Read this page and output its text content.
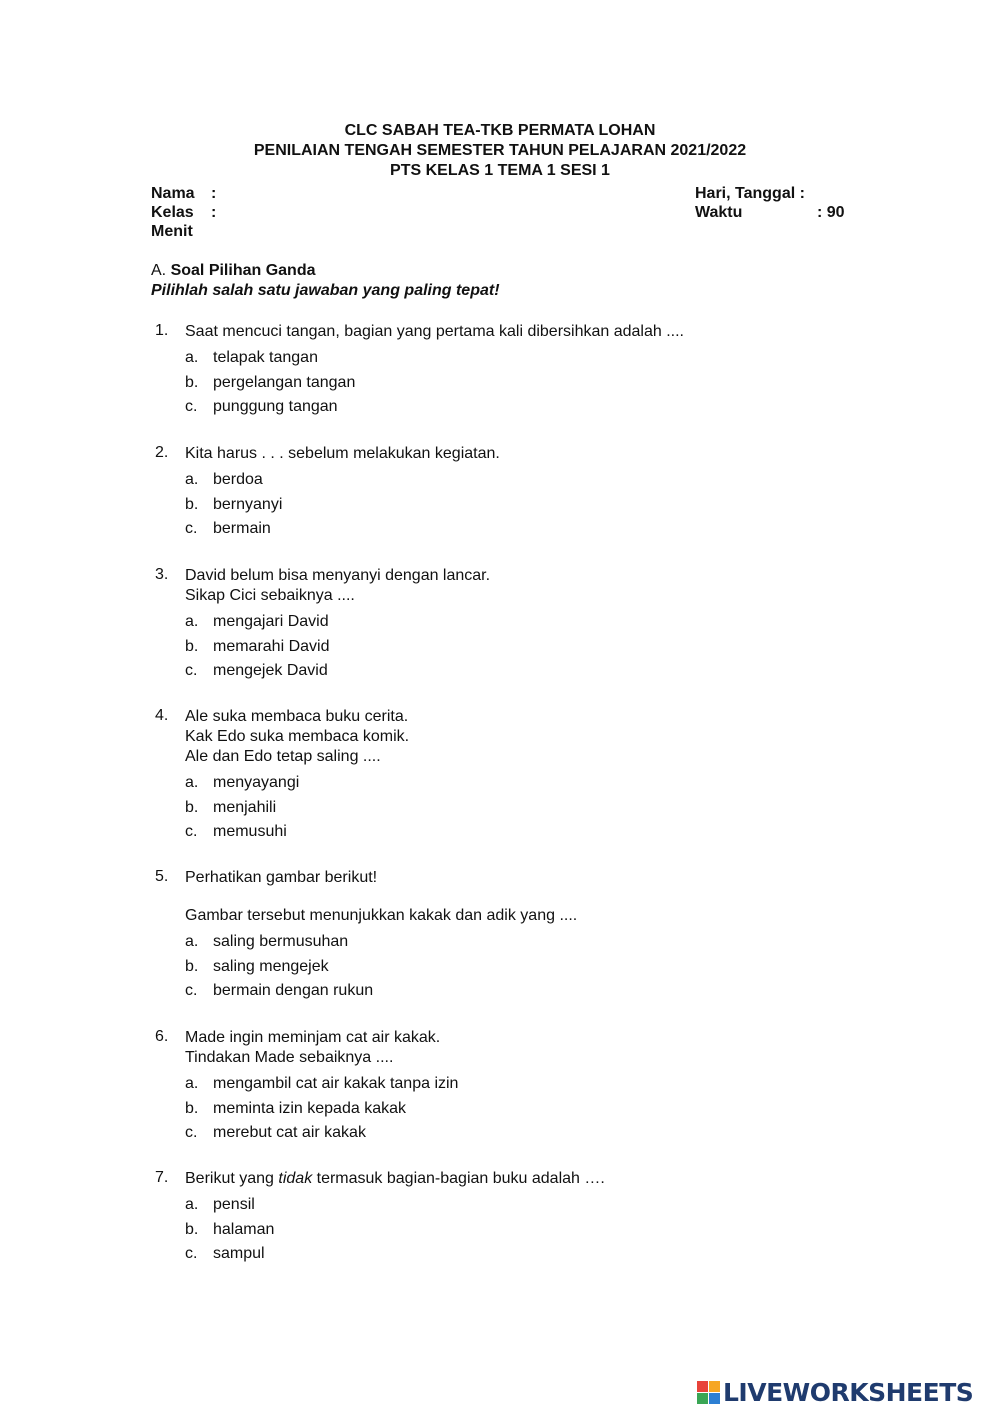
CLC SABAH TEA-TKB PERMATA LOHAN
PENILAIAN TENGAH SEMESTER TAHUN PELAJARAN 2021/2022
PTS KELAS 1 TEMA 1 SESI 1
Nama	:
Kelas	:
Menit
Hari, Tanggal :
Waktu	: 90
A. Soal Pilihan Ganda
Pilihlah salah satu jawaban yang paling tepat!
1.	Saat mencuci tangan, bagian yang pertama kali dibersihkan adalah ....
a. telapak tangan
b. pergelangan tangan
c. punggung tangan
2.	Kita harus . . . sebelum melakukan kegiatan.
a. berdoa
b. bernyanyi
c. bermain
3.	David belum bisa menyanyi dengan lancar.
Sikap Cici sebaiknya ....
a. mengajari David
b. memarahi David
c. mengejek David
4.	Ale suka membaca buku cerita.
Kak Edo suka membaca komik.
Ale dan Edo tetap saling ....
a. menyayangi
b. menjahili
c. memusuhi
5.	Perhatikan gambar berikut!
Gambar tersebut menunjukkan kakak dan adik yang ....
a. saling bermusuhan
b. saling mengejek
c. bermain dengan rukun
6.	Made ingin meminjam cat air kakak.
Tindakan Made sebaiknya ....
a. mengambil cat air kakak tanpa izin
b. meminta izin kepada kakak
c. merebut cat air kakak
7.	Berikut yang tidak termasuk bagian-bagian buku adalah ….
a. pensil
b. halaman
c. sampul
LIVEWORKSHEETS
